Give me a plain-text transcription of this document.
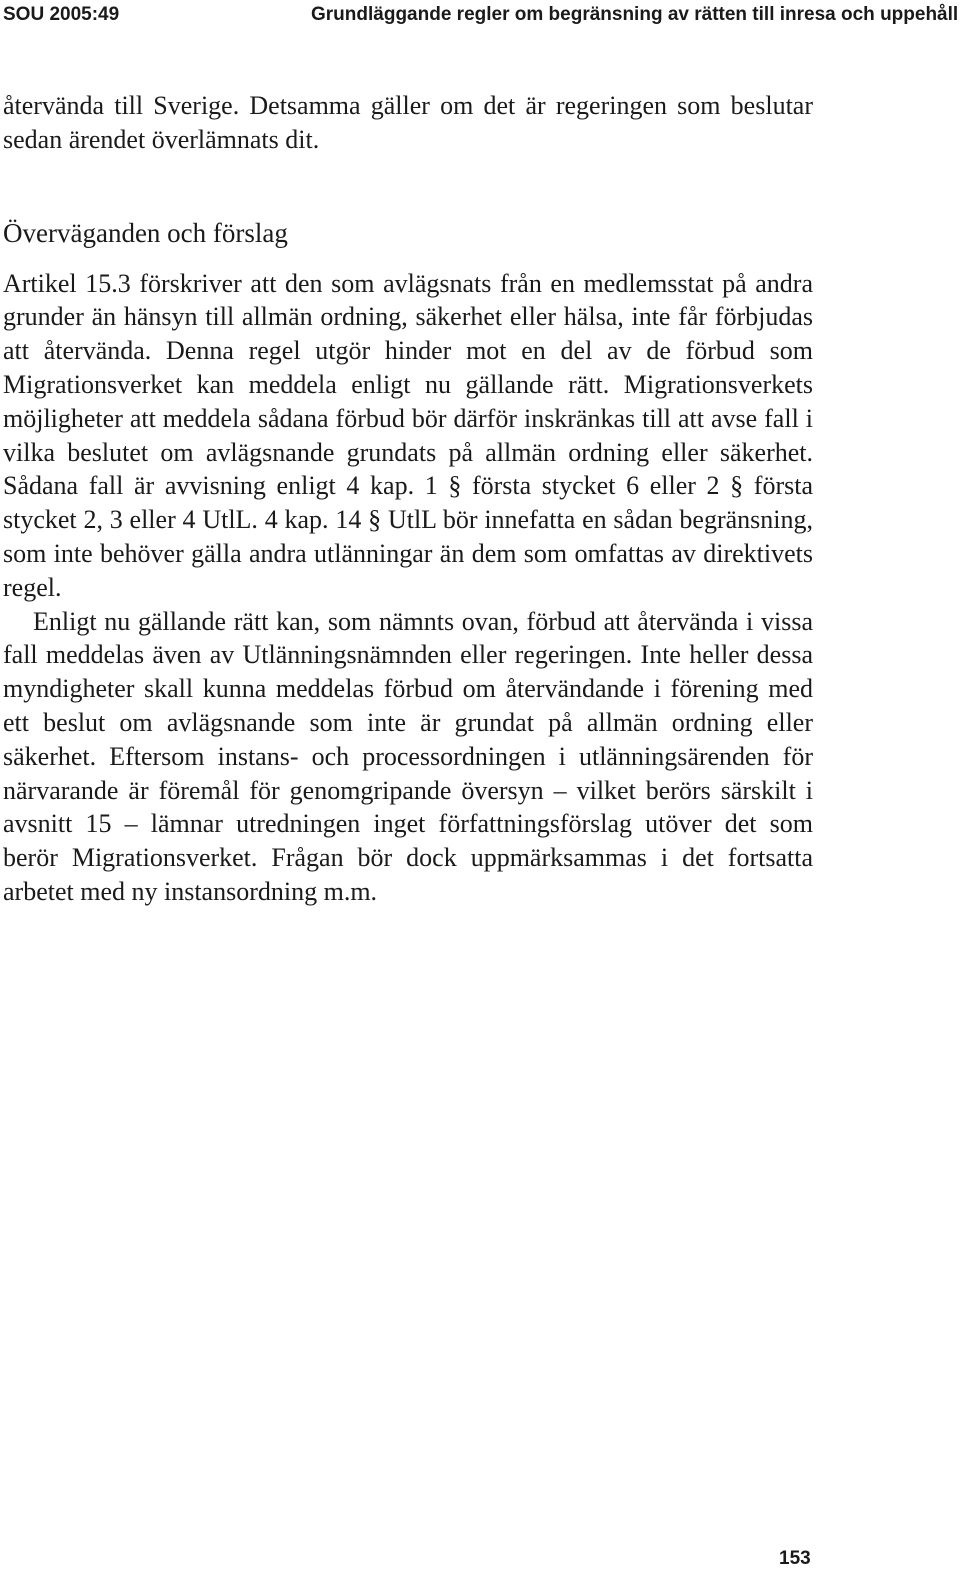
SOU 2005:49	Grundläggande regler om begränsning av rätten till inresa och uppehåll

återvända till Sverige. Detsamma gäller om det är regeringen som beslutar sedan ärendet överlämnats dit.

Överväganden och förslag

Artikel 15.3 förskriver att den som avlägsnats från en medlemsstat på andra grunder än hänsyn till allmän ordning, säkerhet eller hälsa, inte får förbjudas att återvända. Denna regel utgör hinder mot en del av de förbud som Migrationsverket kan meddela enligt nu gällande rätt. Migrationsverkets möjligheter att meddela sådana förbud bör därför inskränkas till att avse fall i vilka beslutet om avlägsnande grundats på allmän ordning eller säkerhet. Sådana fall är avvisning enligt 4 kap. 1 § första stycket 6 eller 2 § första stycket 2, 3 eller 4 UtlL. 4 kap. 14 § UtlL bör innefatta en sådan begränsning, som inte behöver gälla andra utlänningar än dem som omfattas av direktivets regel.

Enligt nu gällande rätt kan, som nämnts ovan, förbud att återvända i vissa fall meddelas även av Utlänningsnämnden eller regeringen. Inte heller dessa myndigheter skall kunna meddelas förbud om återvändande i förening med ett beslut om avlägsnande som inte är grundat på allmän ordning eller säkerhet. Eftersom instans- och processordningen i utlänningsärenden för närvarande är föremål för genomgripande översyn – vilket berörs särskilt i avsnitt 15 – lämnar utredningen inget författningsförslag utöver det som berör Migrationsverket. Frågan bör dock uppmärksammas i det fortsatta arbetet med ny instansordning m.m.

153
